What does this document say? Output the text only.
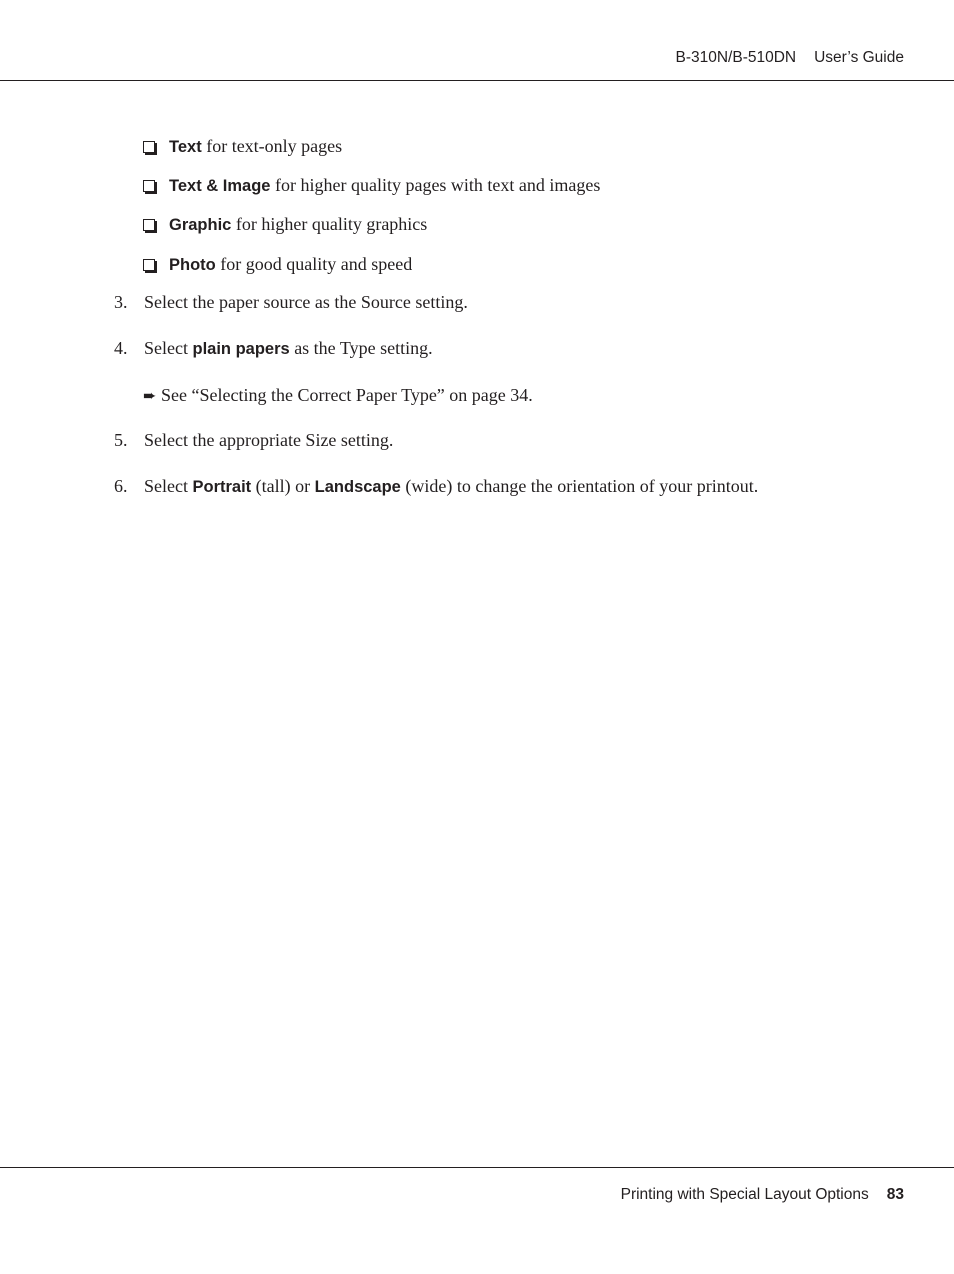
B-310N/B-510DN User’s Guide
Text for text-only pages
Text & Image for higher quality pages with text and images
Graphic for higher quality graphics
Photo for good quality and speed
3. Select the paper source as the Source setting.
4. Select plain papers as the Type setting.
➨ See “Selecting the Correct Paper Type” on page 34.
5. Select the appropriate Size setting.
6. Select Portrait (tall) or Landscape (wide) to change the orientation of your printout.
Printing with Special Layout Options 83
